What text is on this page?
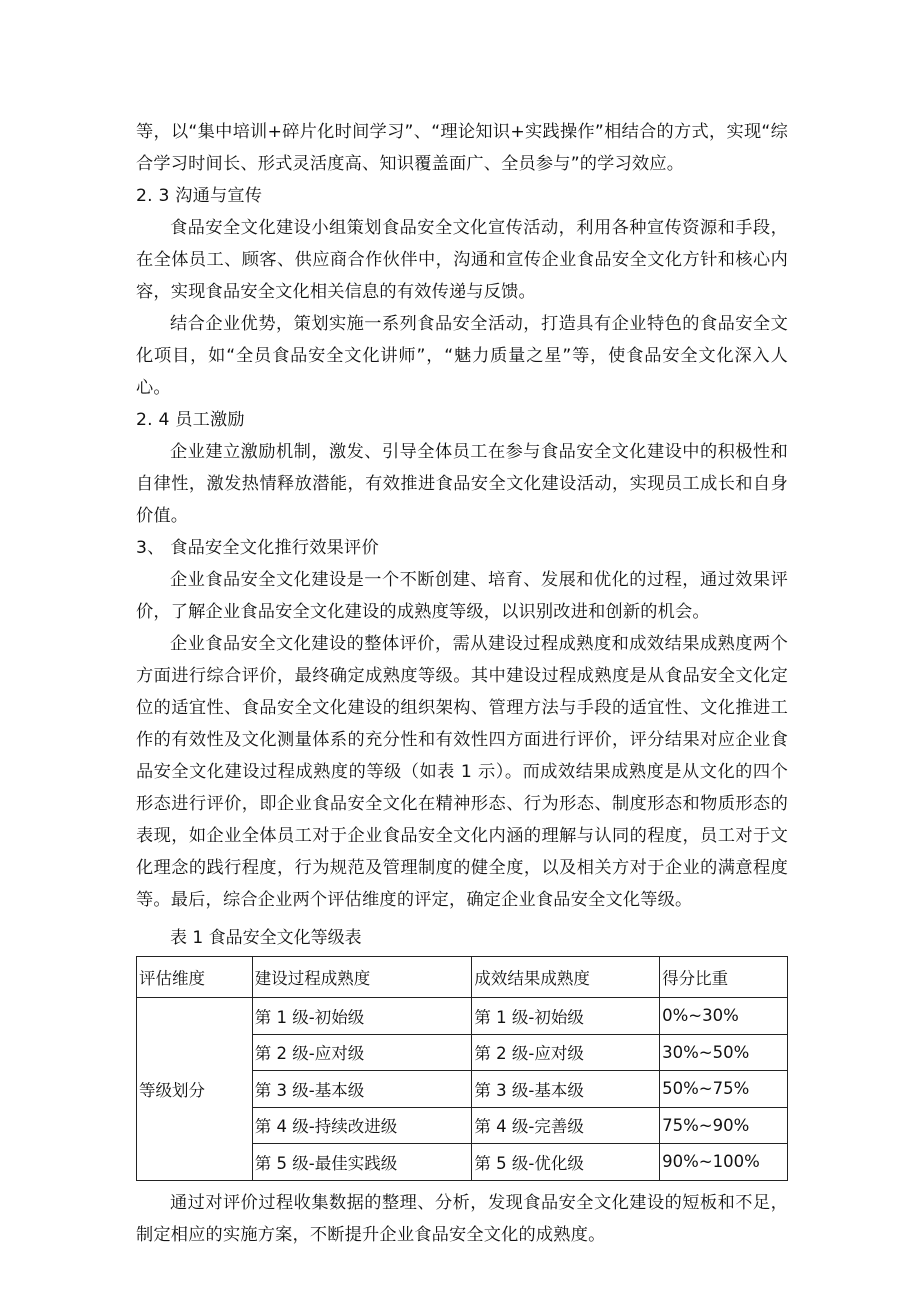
等，以“集中培训+碎片化时间学习”、“理论知识+实践操作”相结合的方式，实现“综合学习时间长、形式灵活度高、知识覆盖面广、全员参与”的学习效应。

2. 3 沟通与宣传

食品安全文化建设小组策划食品安全文化宣传活动，利用各种宣传资源和手段，在全体员工、顾客、供应商合作伙伴中，沟通和宣传企业食品安全文化方针和核心内容，实现食品安全文化相关信息的有效传递与反馈。

结合企业优势，策划实施一系列食品安全活动，打造具有企业特色的食品安全文化项目，如“全员食品安全文化讲师”，“魅力质量之星”等，使食品安全文化深入人心。

2. 4 员工激励

企业建立激励机制，激发、引导全体员工在参与食品安全文化建设中的积极性和自律性，激发热情释放潜能，有效推进食品安全文化建设活动，实现员工成长和自身价值。

3、 食品安全文化推行效果评价

企业食品安全文化建设是一个不断创建、培育、发展和优化的过程，通过效果评价，了解企业食品安全文化建设的成熟度等级，以识别改进和创新的机会。

企业食品安全文化建设的整体评价，需从建设过程成熟度和成效结果成熟度两个方面进行综合评价，最终确定成熟度等级。其中建设过程成熟度是从食品安全文化定位的适宜性、食品安全文化建设的组织架构、管理方法与手段的适宜性、文化推进工作的有效性及文化测量体系的充分性和有效性四方面进行评价，评分结果对应企业食品安全文化建设过程成熟度的等级（如表 1 示）。而成效结果成熟度是从文化的四个形态进行评价，即企业食品安全文化在精神形态、行为形态、制度形态和物质形态的表现，如企业全体员工对于企业食品安全文化内涵的理解与认同的程度，员工对于文化理念的践行程度，行为规范及管理制度的健全度，以及相关方对于企业的满意程度等。最后，综合企业两个评估维度的评定，确定企业食品安全文化等级。

表 1 食品安全文化等级表

评估维度	建设过程成熟度	成效结果成熟度	得分比重
等级划分	第 1 级-初始级	第 1 级-初始级	0%~30%
	第 2 级-应对级	第 2 级-应对级	30%~50%
	第 3 级-基本级	第 3 级-基本级	50%~75%
	第 4 级-持续改进级	第 4 级-完善级	75%~90%
	第 5 级-最佳实践级	第 5 级-优化级	90%~100%

通过对评价过程收集数据的整理、分析，发现食品安全文化建设的短板和不足，制定相应的实施方案，不断提升企业食品安全文化的成熟度。
